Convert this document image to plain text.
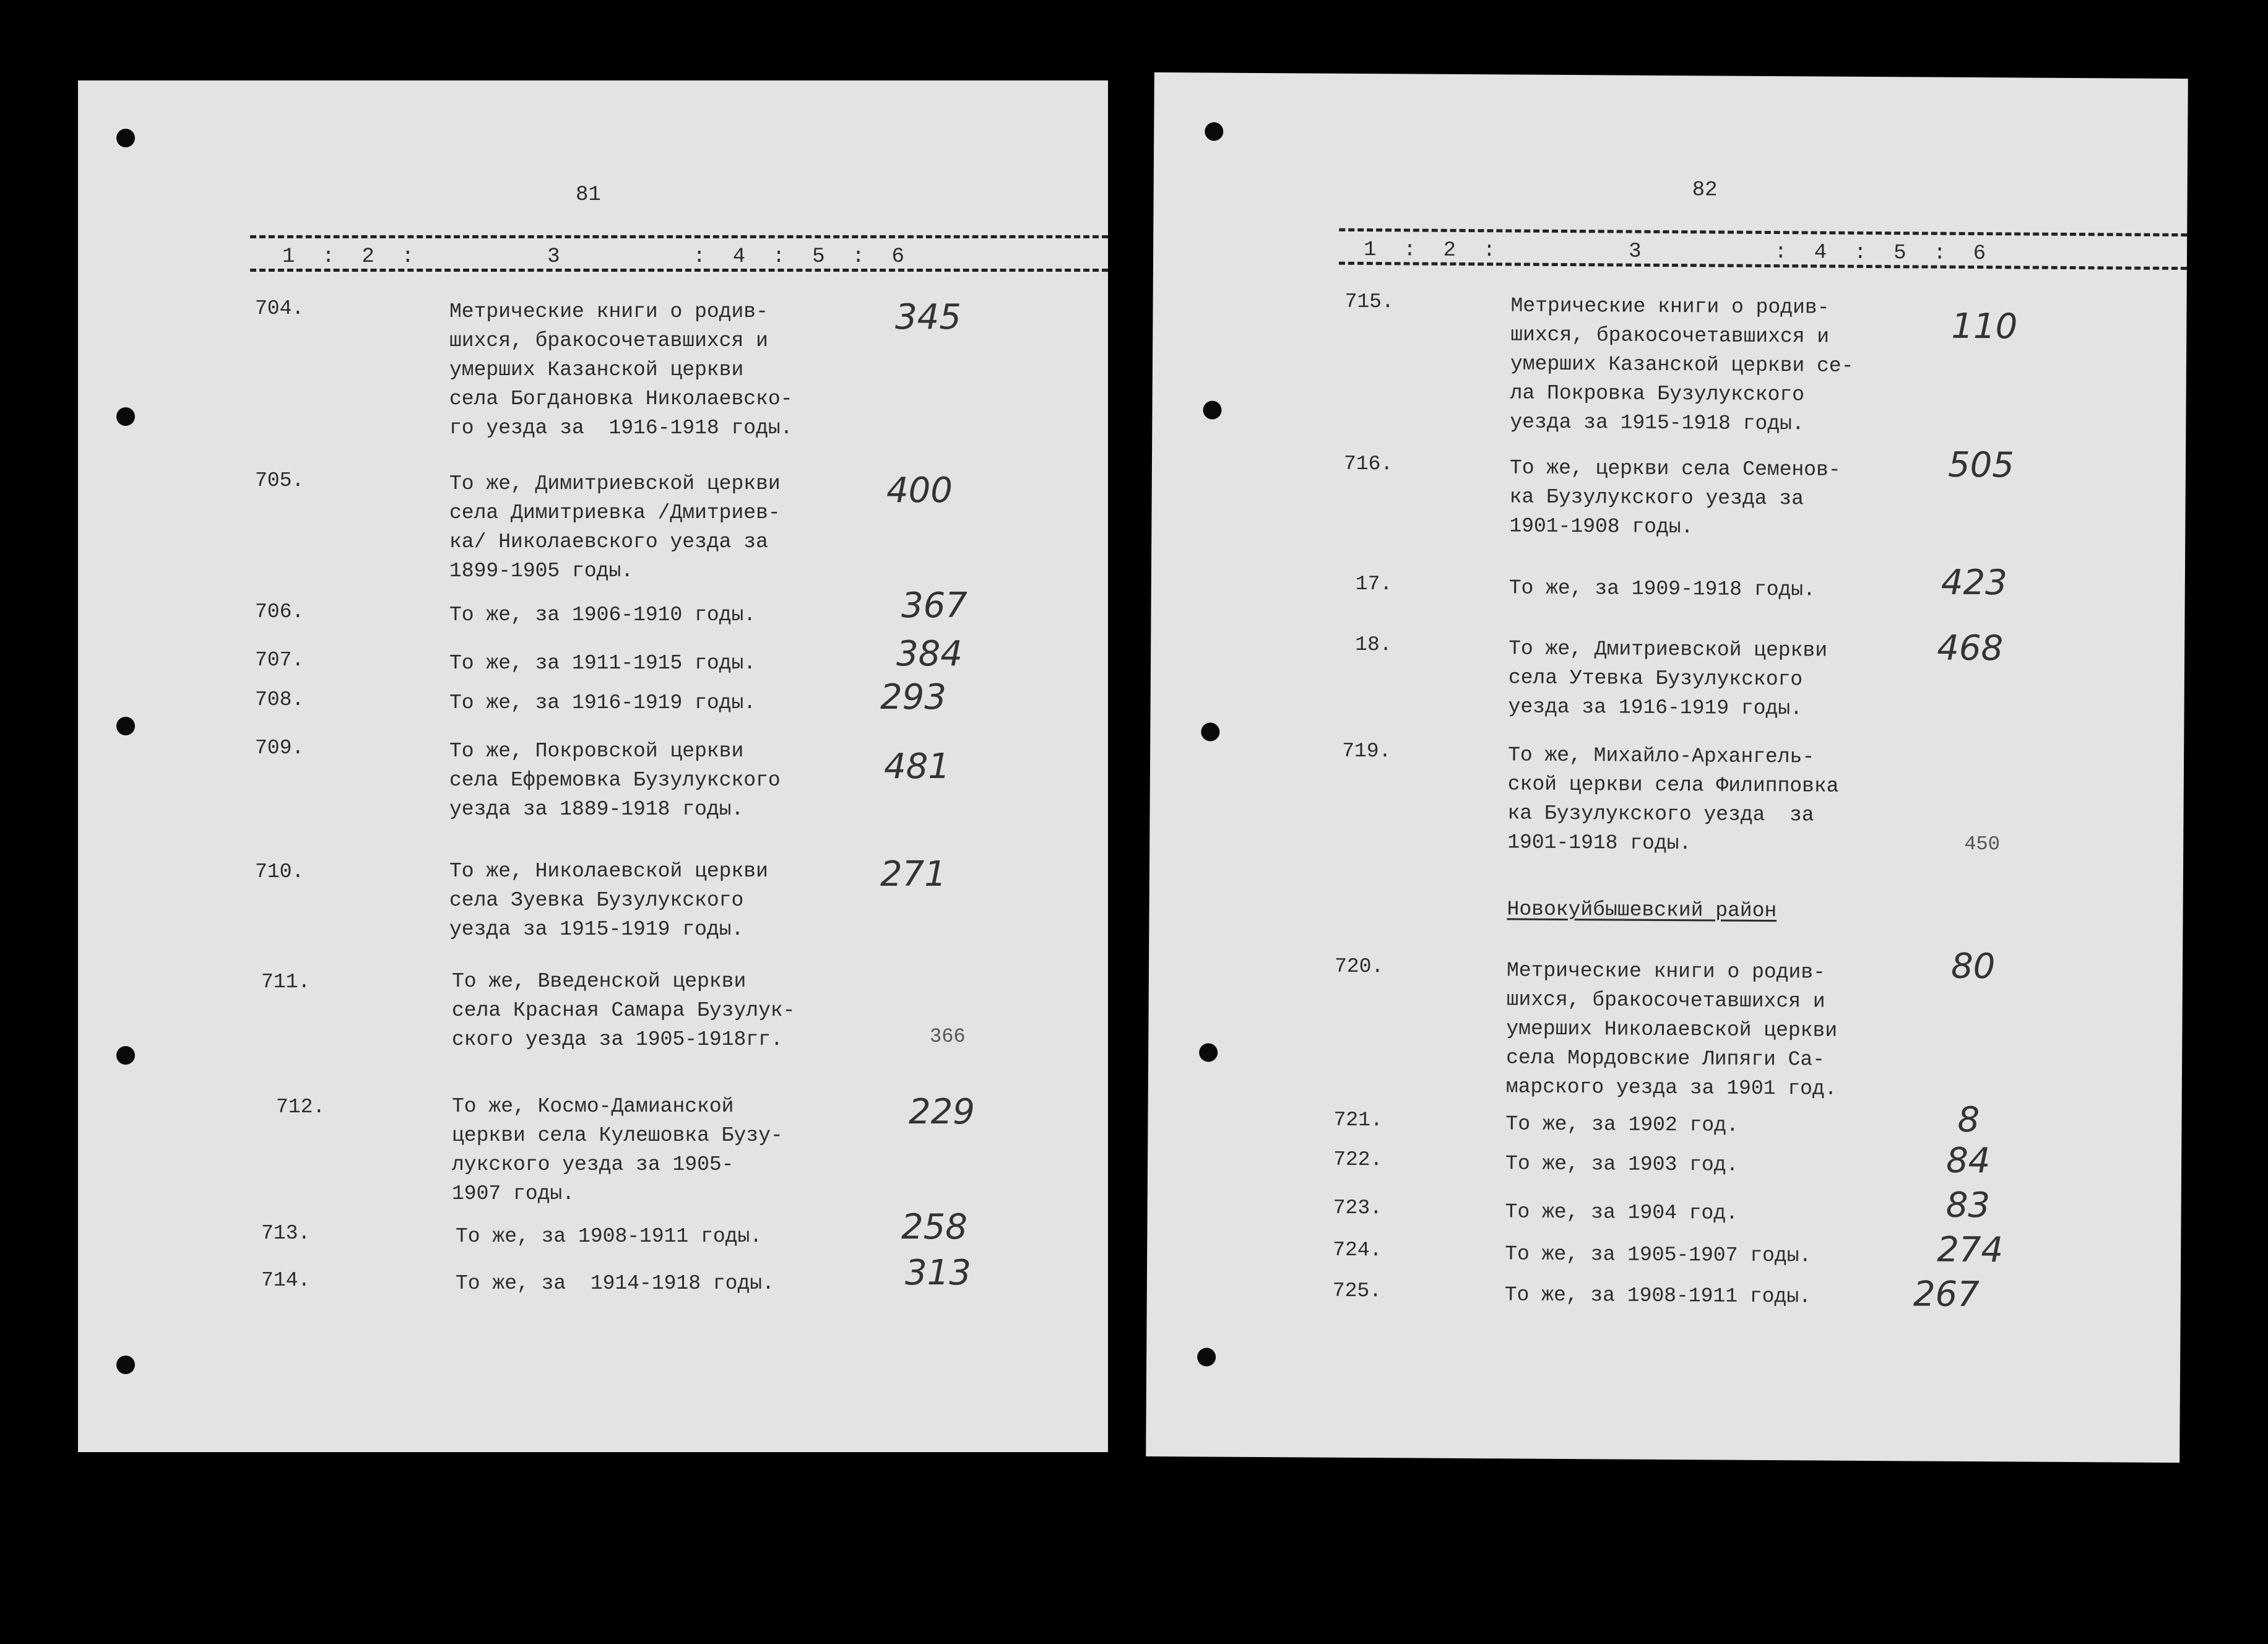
81
1  :  2  :          3          :  4  :  5  :  6
704.	Метрические книги о родив-
шихся, бракосочетавшихся и
умерших Казанской церкви
села Богдановка Николаевско-
го уезда за  1916-1918 годы.
345
705.	То же, Димитриевской церкви
села Димитриевка /Дмитриев-
ка/ Николаевского уезда за
1899-1905 годы.
400
706.	То же, за 1906-1910 годы.	367
707.	То же, за 1911-1915 годы.	384
708.	То же, за 1916-1919 годы.	293
709.	То же, Покровской церкви
села Ефремовка Бузулукского
уезда за 1889-1918 годы.
481
710.	То же, Николаевской церкви
села Зуевка Бузулукского
уезда за 1915-1919 годы.
271
711.	То же, Введенской церкви
села Красная Самара Бузулук-
ского уезда за 1905-1918гг.	366
712.	То же, Космо-Дамианской
церкви села Кулешовка Бузу-
лукского уезда за 1905-
1907 годы.
229
713.	То же, за 1908-1911 годы.	258
714.	То же, за  1914-1918 годы.	313
82
1  :  2  :          3          :  4  :  5  :  6
715.	Метрические книги о родив-
шихся, бракосочетавшихся и
умерших Казанской церкви се-
ла Покровка Бузулукского
уезда за 1915-1918 годы.
110
716.	То же, церкви села Семенов-
ка Бузулукского уезда за
1901-1908 годы.
505
17.	То же, за 1909-1918 годы.	423
18.	То же, Дмитриевской церкви
села Утевка Бузулукского
уезда за 1916-1919 годы.
468
719.	То же, Михайло-Архангель-
ской церкви села Филипповка
ка Бузулукского уезда  за
1901-1918 годы.	450
Новокуйбышевский район
720.	Метрические книги о родив-
шихся, бракосочетавшихся и
умерших Николаевской церкви
села Мордовские Липяги Са-
марского уезда за 1901 год.
80
721.	То же, за 1902 год.	8
722.	То же, за 1903 год.	84
723.	То же, за 1904 год.	83
724.	То же, за 1905-1907 годы.	274
725.	То же, за 1908-1911 годы.	267
